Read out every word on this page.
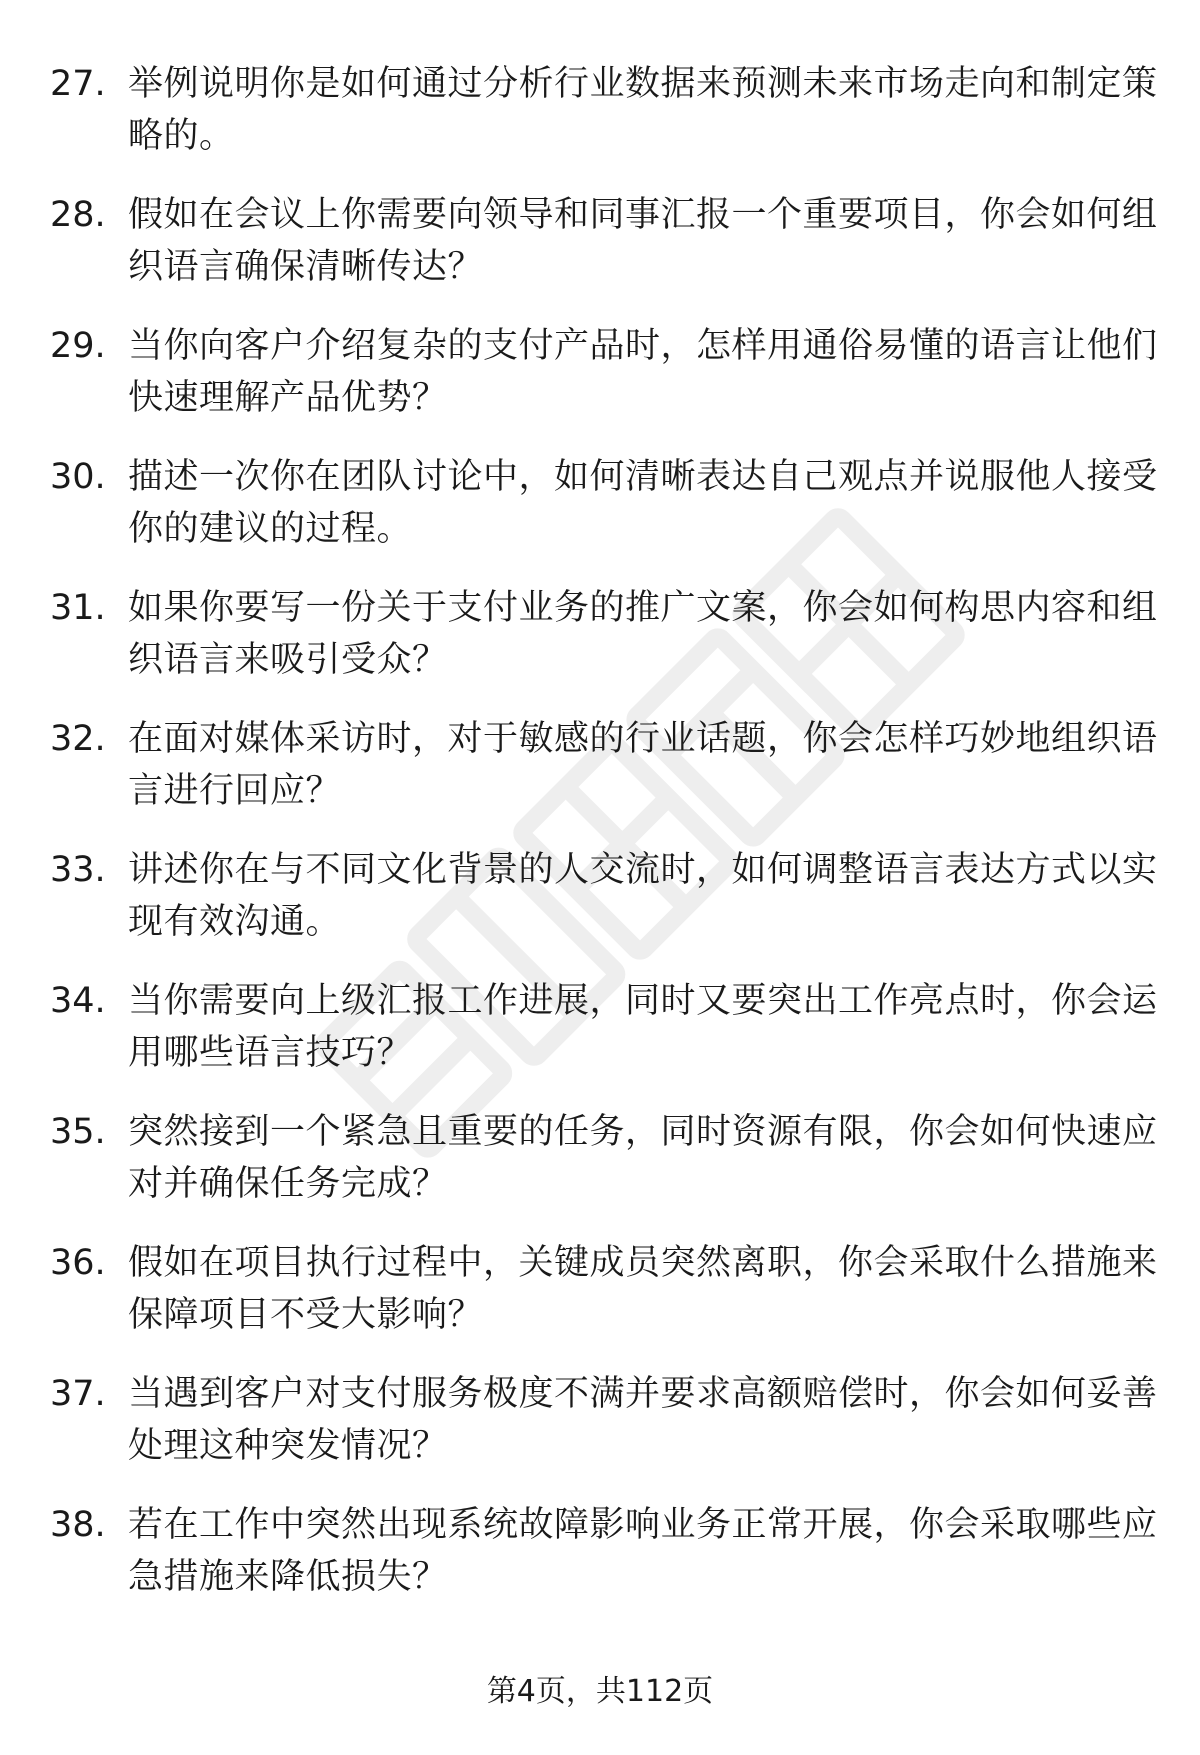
27. 举例说明你是如何通过分析行业数据来预测未来市场走向和制定策略的。
28. 假如在会议上你需要向领导和同事汇报一个重要项目，你会如何组织语言确保清晰传达？
29. 当你向客户介绍复杂的支付产品时，怎样用通俗易懂的语言让他们快速理解产品优势？
30. 描述一次你在团队讨论中，如何清晰表达自己观点并说服他人接受你的建议的过程。
31. 如果你要写一份关于支付业务的推广文案，你会如何构思内容和组织语言来吸引受众？
32. 在面对媒体采访时，对于敏感的行业话题，你会怎样巧妙地组织语言进行回应？
33. 讲述你在与不同文化背景的人交流时，如何调整语言表达方式以实现有效沟通。
34. 当你需要向上级汇报工作进展，同时又要突出工作亮点时，你会运用哪些语言技巧？
35. 突然接到一个紧急且重要的任务，同时资源有限，你会如何快速应对并确保任务完成？
36. 假如在项目执行过程中，关键成员突然离职，你会采取什么措施来保障项目不受大影响？
37. 当遇到客户对支付服务极度不满并要求高额赔偿时，你会如何妥善处理这种突发情况？
38. 若在工作中突然出现系统故障影响业务正常开展，你会采取哪些应急措施来降低损失？
第4页，共112页
